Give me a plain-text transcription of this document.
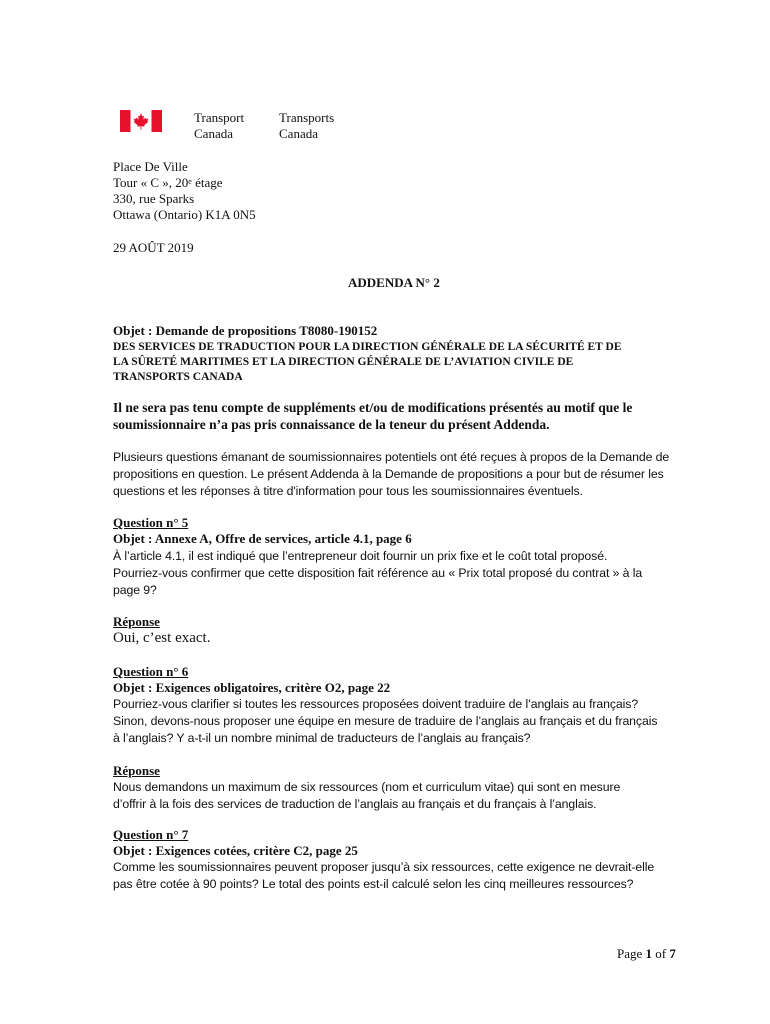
Transport
Canada
Transports
Canada
Place De Ville
Tour « C », 20e étage
330, rue Sparks
Ottawa (Ontario) K1A 0N5
29 AOÛT 2019
ADDENDA N° 2
Objet : Demande de propositions T8080-190152
DES SERVICES DE TRADUCTION POUR LA DIRECTION GÉNÉRALE DE LA SÉCURITÉ ET DE
LA SÛRETÉ MARITIMES ET LA DIRECTION GÉNÉRALE DE L’AVIATION CIVILE DE
TRANSPORTS CANADA
Il ne sera pas tenu compte de suppléments et/ou de modifications présentés au motif que le
soumissionnaire n’a pas pris connaissance de la teneur du présent Addenda.
Plusieurs questions émanant de soumissionnaires potentiels ont été reçues à propos de la Demande de
propositions en question. Le présent Addenda à la Demande de propositions a pour but de résumer les
questions et les réponses à titre d'information pour tous les soumissionnaires éventuels.
Question n° 5
Objet : Annexe A, Offre de services, article 4.1, page 6
À l’article 4.1, il est indiqué que l’entrepreneur doit fournir un prix fixe et le coût total proposé.
Pourriez-vous confirmer que cette disposition fait référence au « Prix total proposé du contrat » à la
page 9?
Réponse
Oui, c’est exact.
Question n° 6
Objet : Exigences obligatoires, critère O2, page 22
Pourriez-vous clarifier si toutes les ressources proposées doivent traduire de l’anglais au français?
Sinon, devons-nous proposer une équipe en mesure de traduire de l’anglais au français et du français
à l’anglais? Y a-t-il un nombre minimal de traducteurs de l’anglais au français?
Réponse
Nous demandons un maximum de six ressources (nom et curriculum vitae) qui sont en mesure
d’offrir à la fois des services de traduction de l’anglais au français et du français à l’anglais.
Question n° 7
Objet : Exigences cotées, critère C2, page 25
Comme les soumissionnaires peuvent proposer jusqu’à six ressources, cette exigence ne devrait-elle
pas être cotée à 90 points? Le total des points est-il calculé selon les cinq meilleures ressources?
Page 1 of 7
